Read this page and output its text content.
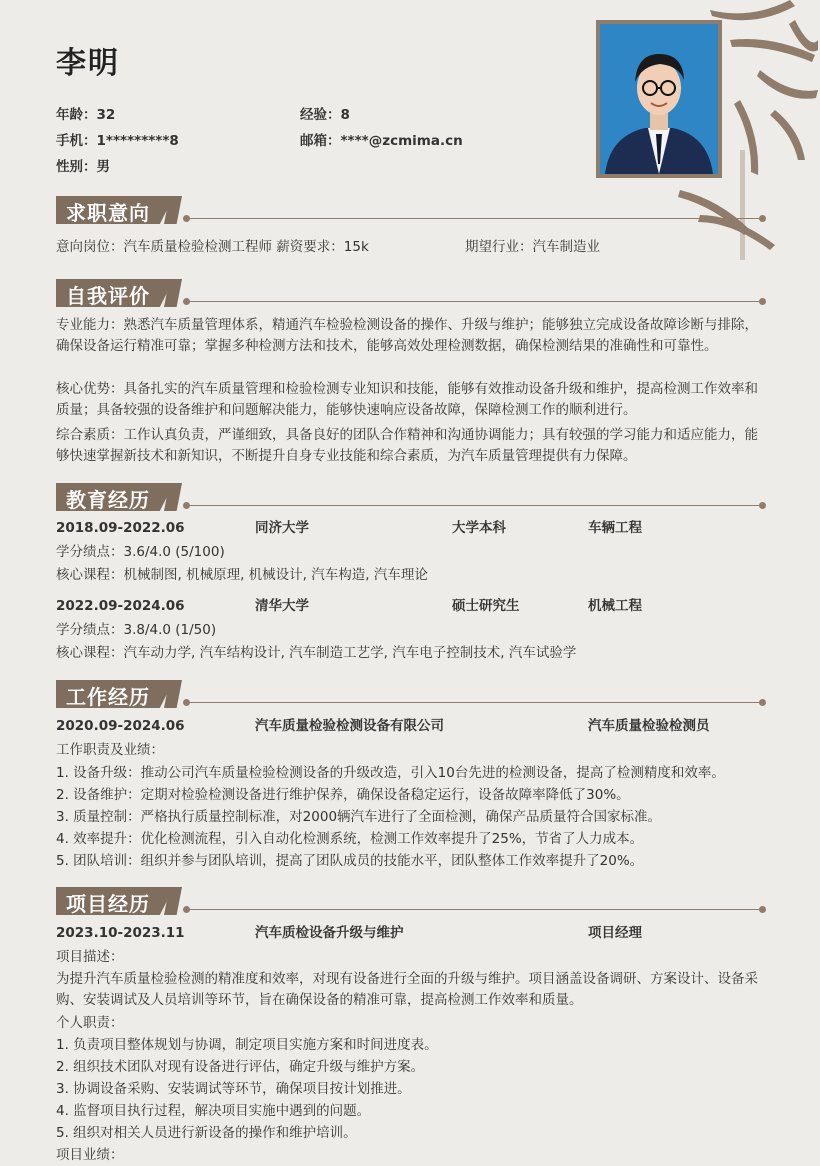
李明
年龄：32	经验：8
手机：1*********8	邮箱：****@zcmima.cn
性别：男
求职意向
意向岗位：汽车质量检验检测工程师 薪资要求：15k	期望行业：汽车制造业
自我评价
专业能力：熟悉汽车质量管理体系，精通汽车检验检测设备的操作、升级与维护；能够独立完成设备故障诊断与排除，确保设备运行精准可靠；掌握多种检测方法和技术，能够高效处理检测数据，确保检测结果的准确性和可靠性。
核心优势：具备扎实的汽车质量管理和检验检测专业知识和技能，能够有效推动设备升级和维护，提高检测工作效率和质量；具备较强的设备维护和问题解决能力，能够快速响应设备故障，保障检测工作的顺利进行。
综合素质：工作认真负责，严谨细致，具备良好的团队合作精神和沟通协调能力；具有较强的学习能力和适应能力，能够快速掌握新技术和新知识，不断提升自身专业技能和综合素质，为汽车质量管理提供有力保障。
教育经历
2018.09-2022.06	同济大学	大学本科	车辆工程
学分绩点：3.6/4.0 (5/100)
核心课程：机械制图, 机械原理, 机械设计, 汽车构造, 汽车理论
2022.09-2024.06	清华大学	硕士研究生	机械工程
学分绩点：3.8/4.0 (1/50)
核心课程：汽车动力学, 汽车结构设计, 汽车制造工艺学, 汽车电子控制技术, 汽车试验学
工作经历
2020.09-2024.06	汽车质量检验检测设备有限公司	汽车质量检验检测员
工作职责及业绩：
1. 设备升级：推动公司汽车质量检验检测设备的升级改造，引入10台先进的检测设备，提高了检测精度和效率。
2. 设备维护：定期对检验检测设备进行维护保养，确保设备稳定运行，设备故障率降低了30%。
3. 质量控制：严格执行质量控制标准，对2000辆汽车进行了全面检测，确保产品质量符合国家标准。
4. 效率提升：优化检测流程，引入自动化检测系统，检测工作效率提升了25%，节省了人力成本。
5. 团队培训：组织并参与团队培训，提高了团队成员的技能水平，团队整体工作效率提升了20%。
项目经历
2023.10-2023.11	汽车质检设备升级与维护	项目经理
项目描述：
为提升汽车质量检验检测的精准度和效率，对现有设备进行全面的升级与维护。项目涵盖设备调研、方案设计、设备采购、安装调试及人员培训等环节，旨在确保设备的精准可靠，提高检测工作效率和质量。
个人职责：
1. 负责项目整体规划与协调，制定项目实施方案和时间进度表。
2. 组织技术团队对现有设备进行评估，确定升级与维护方案。
3. 协调设备采购、安装调试等环节，确保项目按计划推进。
4. 监督项目执行过程，解决项目实施中遇到的问题。
5. 组织对相关人员进行新设备的操作和维护培训。
项目业绩：
